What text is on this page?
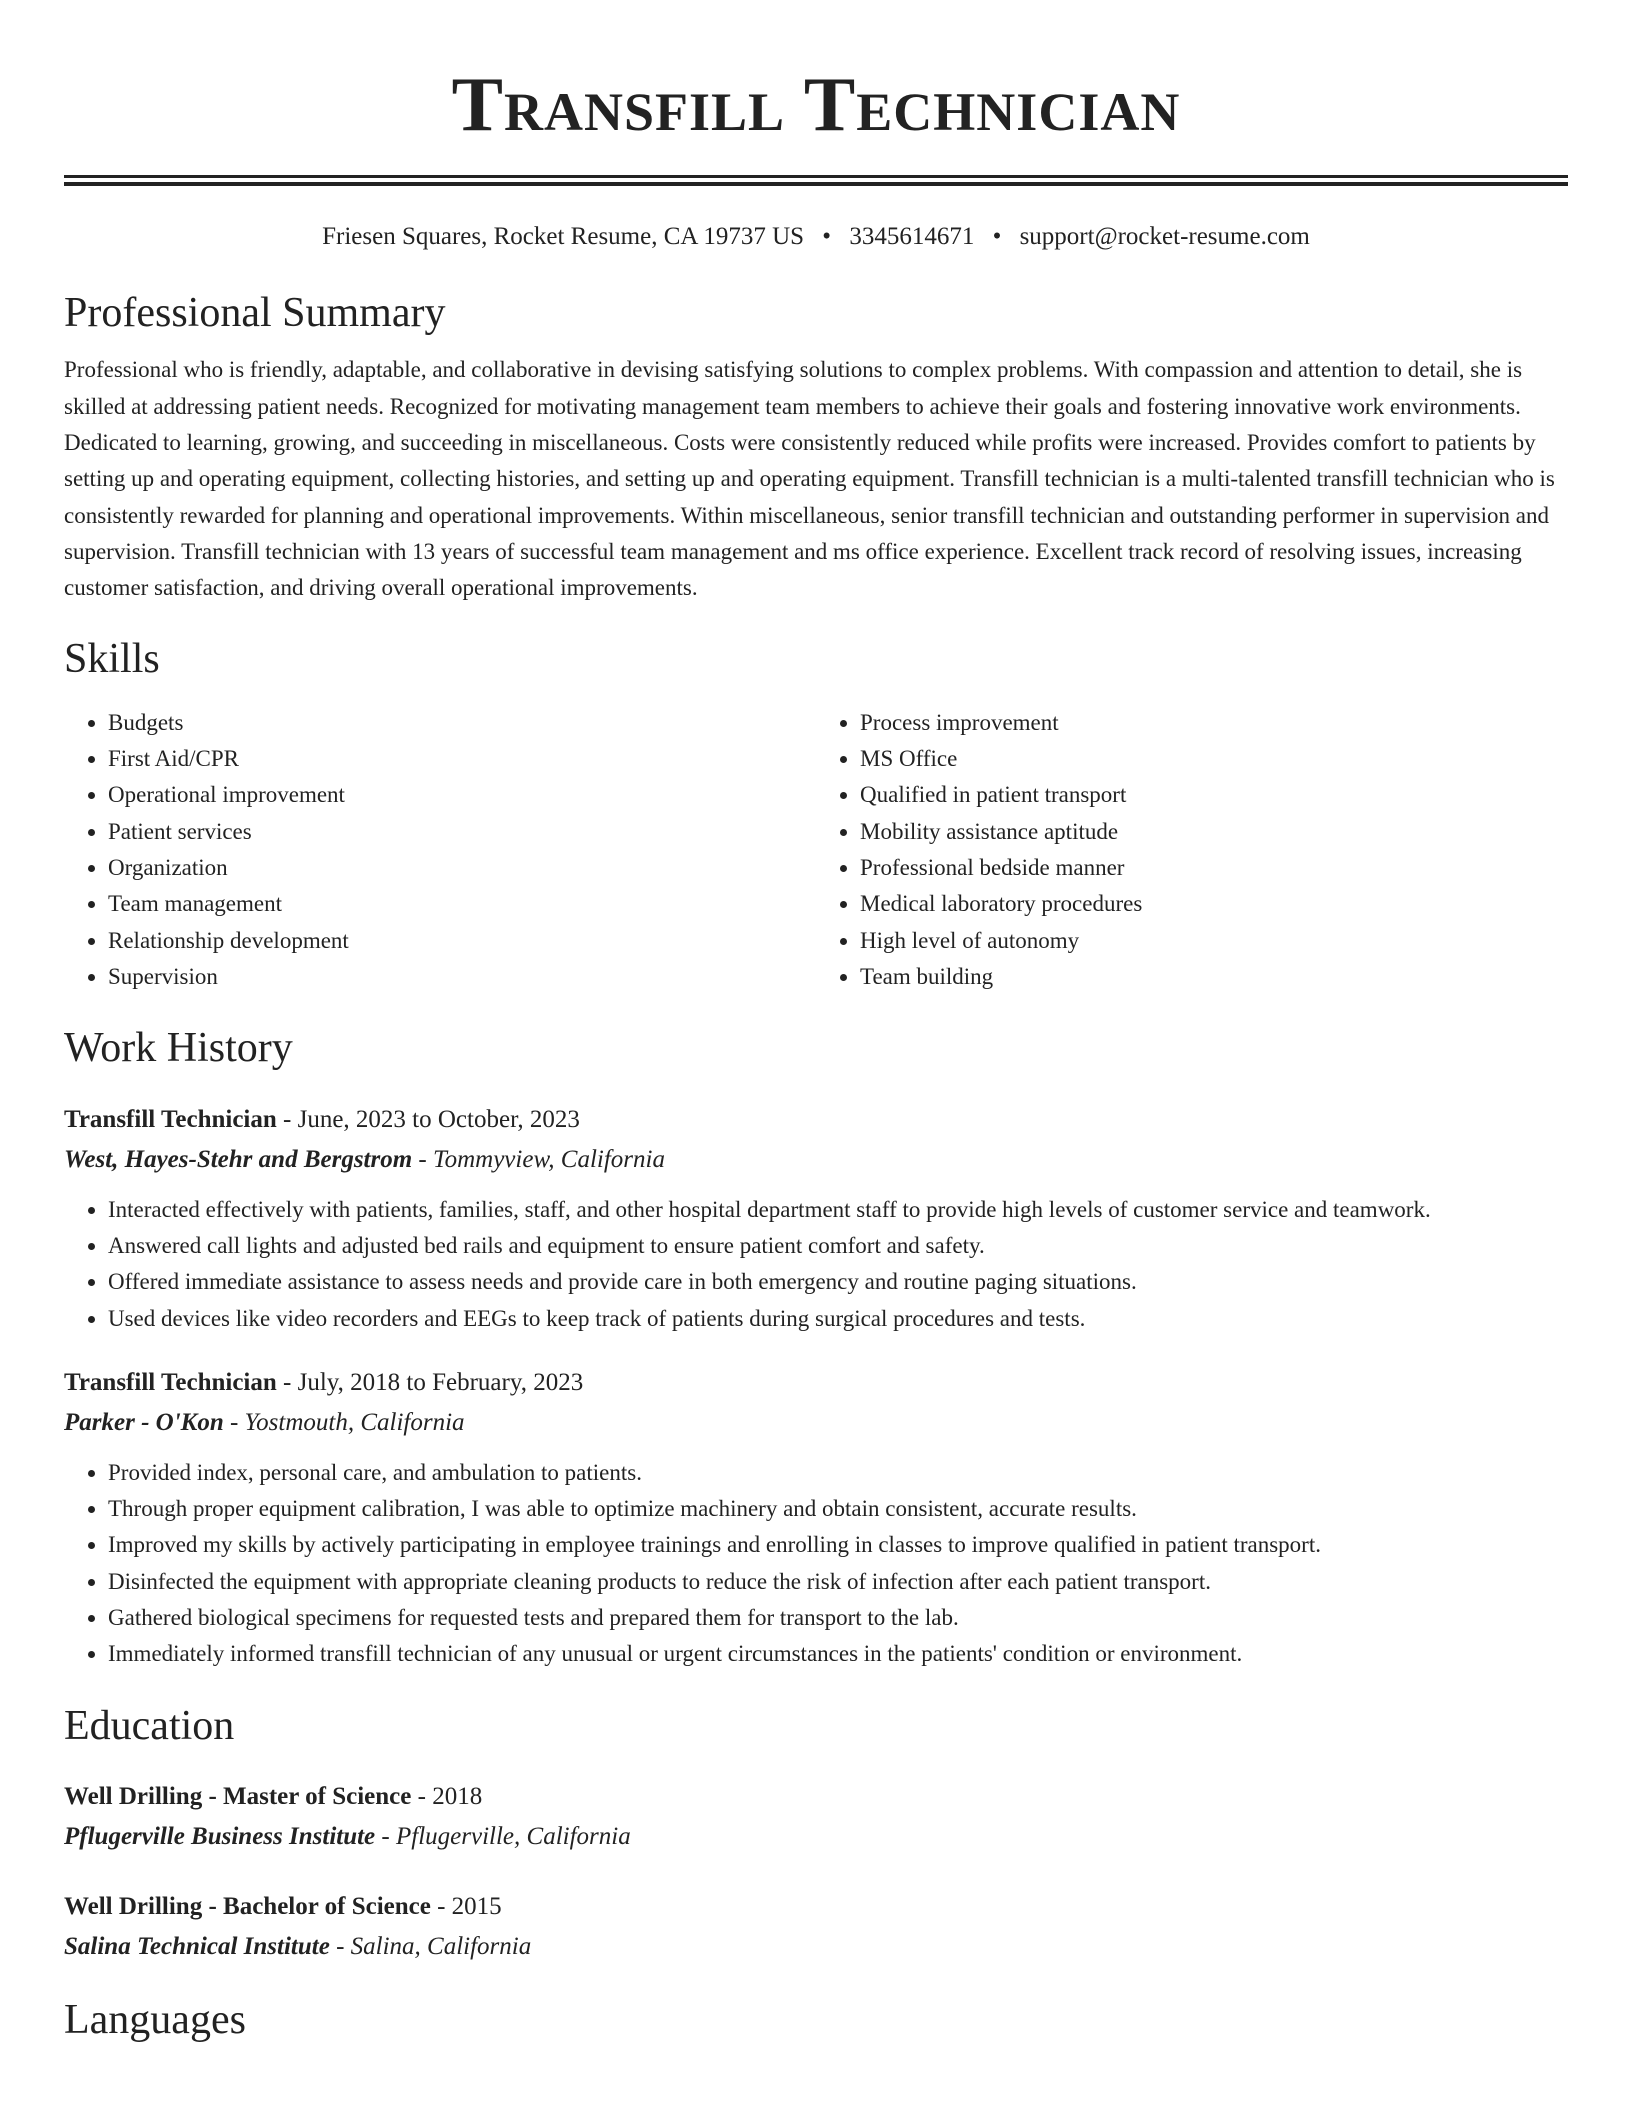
Transfill Technician
Friesen Squares, Rocket Resume, CA 19737 US • 3345614671 • support@rocket-resume.com
Professional Summary
Professional who is friendly, adaptable, and collaborative in devising satisfying solutions to complex problems. With compassion and attention to detail, she is skilled at addressing patient needs. Recognized for motivating management team members to achieve their goals and fostering innovative work environments. Dedicated to learning, growing, and succeeding in miscellaneous. Costs were consistently reduced while profits were increased. Provides comfort to patients by setting up and operating equipment, collecting histories, and setting up and operating equipment. Transfill technician is a multi-talented transfill technician who is consistently rewarded for planning and operational improvements. Within miscellaneous, senior transfill technician and outstanding performer in supervision and supervision. Transfill technician with 13 years of successful team management and ms office experience. Excellent track record of resolving issues, increasing customer satisfaction, and driving overall operational improvements.
Skills
• Budgets
• First Aid/CPR
• Operational improvement
• Patient services
• Organization
• Team management
• Relationship development
• Supervision
• Process improvement
• MS Office
• Qualified in patient transport
• Mobility assistance aptitude
• Professional bedside manner
• Medical laboratory procedures
• High level of autonomy
• Team building
Work History
Transfill Technician - June, 2023 to October, 2023
West, Hayes-Stehr and Bergstrom - Tommyview, California
• Interacted effectively with patients, families, staff, and other hospital department staff to provide high levels of customer service and teamwork.
• Answered call lights and adjusted bed rails and equipment to ensure patient comfort and safety.
• Offered immediate assistance to assess needs and provide care in both emergency and routine paging situations.
• Used devices like video recorders and EEGs to keep track of patients during surgical procedures and tests.
Transfill Technician - July, 2018 to February, 2023
Parker - O'Kon - Yostmouth, California
• Provided index, personal care, and ambulation to patients.
• Through proper equipment calibration, I was able to optimize machinery and obtain consistent, accurate results.
• Improved my skills by actively participating in employee trainings and enrolling in classes to improve qualified in patient transport.
• Disinfected the equipment with appropriate cleaning products to reduce the risk of infection after each patient transport.
• Gathered biological specimens for requested tests and prepared them for transport to the lab.
• Immediately informed transfill technician of any unusual or urgent circumstances in the patients' condition or environment.
Education
Well Drilling - Master of Science - 2018
Pflugerville Business Institute - Pflugerville, California
Well Drilling - Bachelor of Science - 2015
Salina Technical Institute - Salina, California
Languages
